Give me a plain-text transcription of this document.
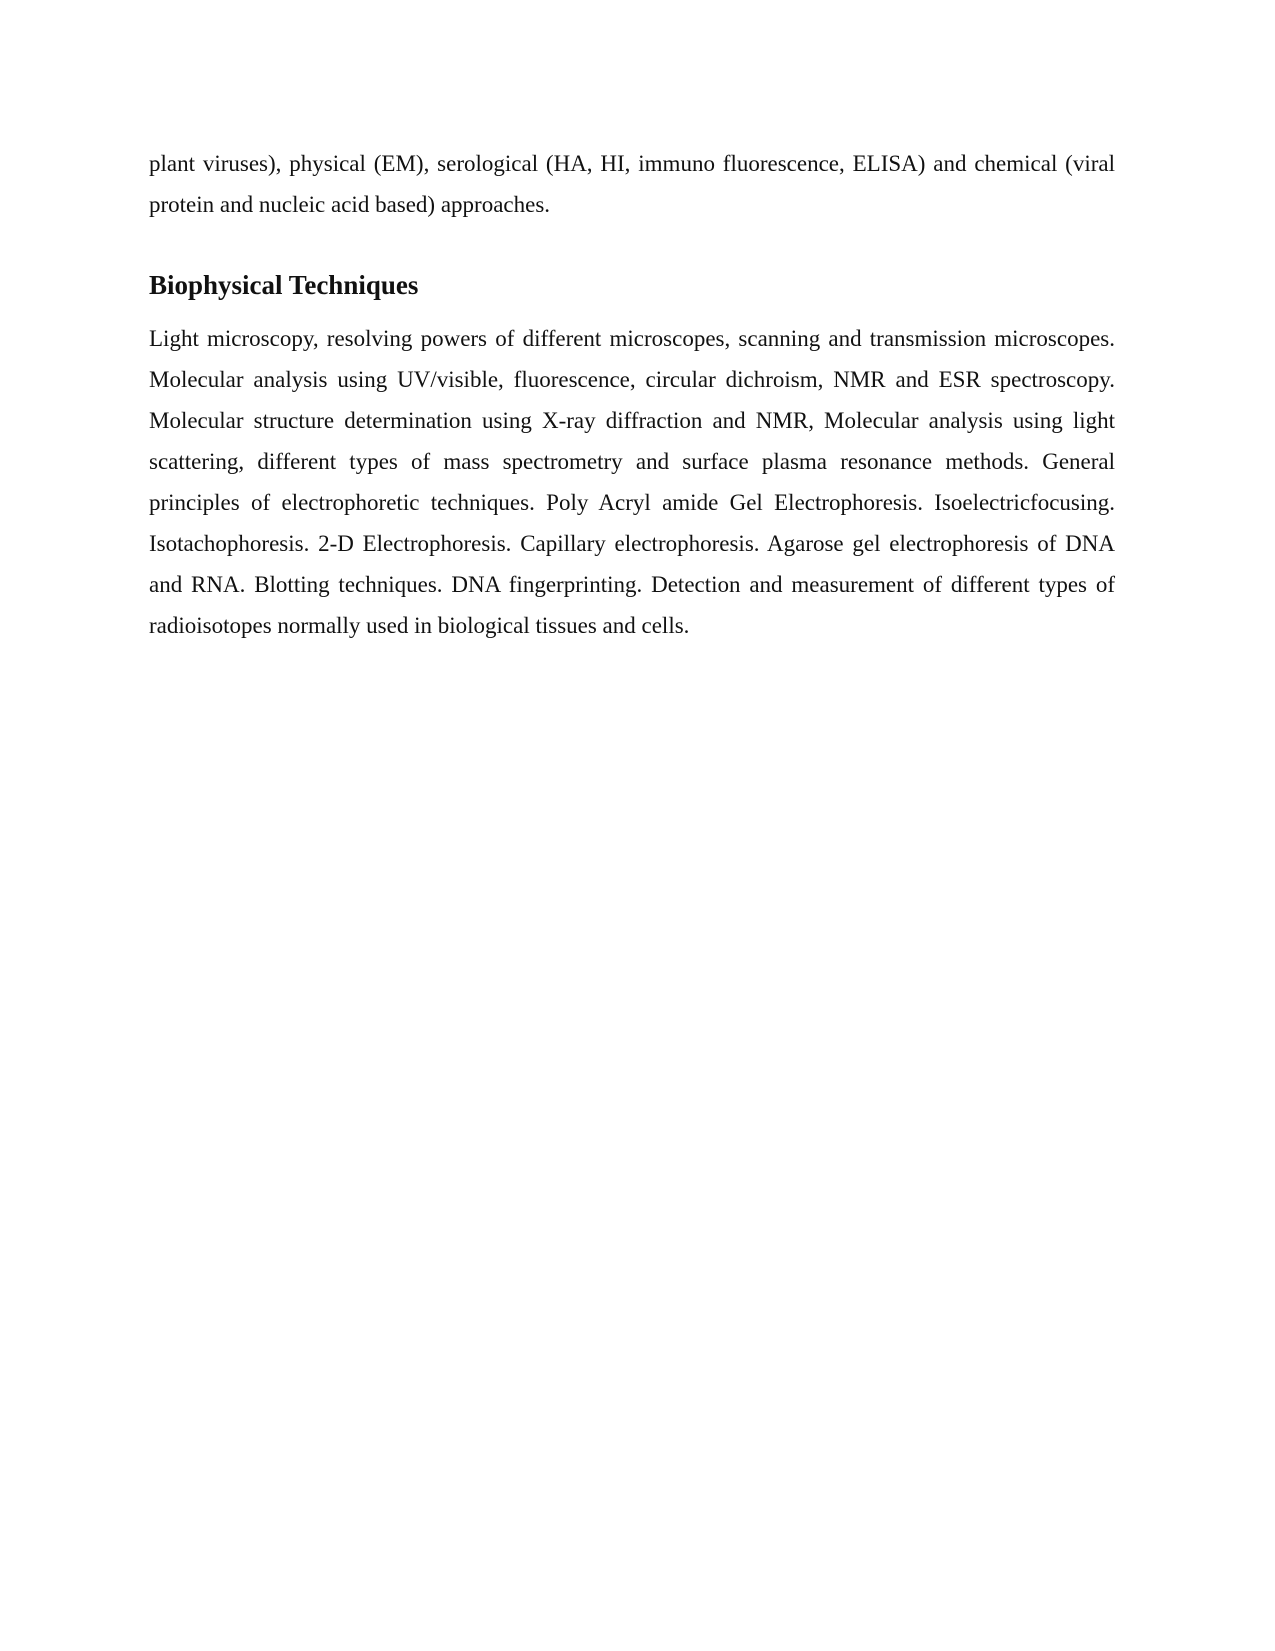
plant viruses), physical (EM), serological (HA, HI, immuno fluorescence, ELISA) and chemical (viral protein and nucleic acid based) approaches.

Biophysical Techniques

Light microscopy, resolving powers of different microscopes, scanning and transmission microscopes. Molecular analysis using UV/visible, fluorescence, circular dichroism, NMR and ESR spectroscopy. Molecular structure determination using X-ray diffraction and NMR, Molecular analysis using light scattering, different types of mass spectrometry and surface plasma resonance methods. General principles of electrophoretic techniques. Poly Acryl amide Gel Electrophoresis. Isoelectricfocusing. Isotachophoresis. 2-D Electrophoresis. Capillary electrophoresis. Agarose gel electrophoresis of DNA and RNA. Blotting techniques. DNA fingerprinting. Detection and measurement of different types of radioisotopes normally used in biological tissues and cells.
